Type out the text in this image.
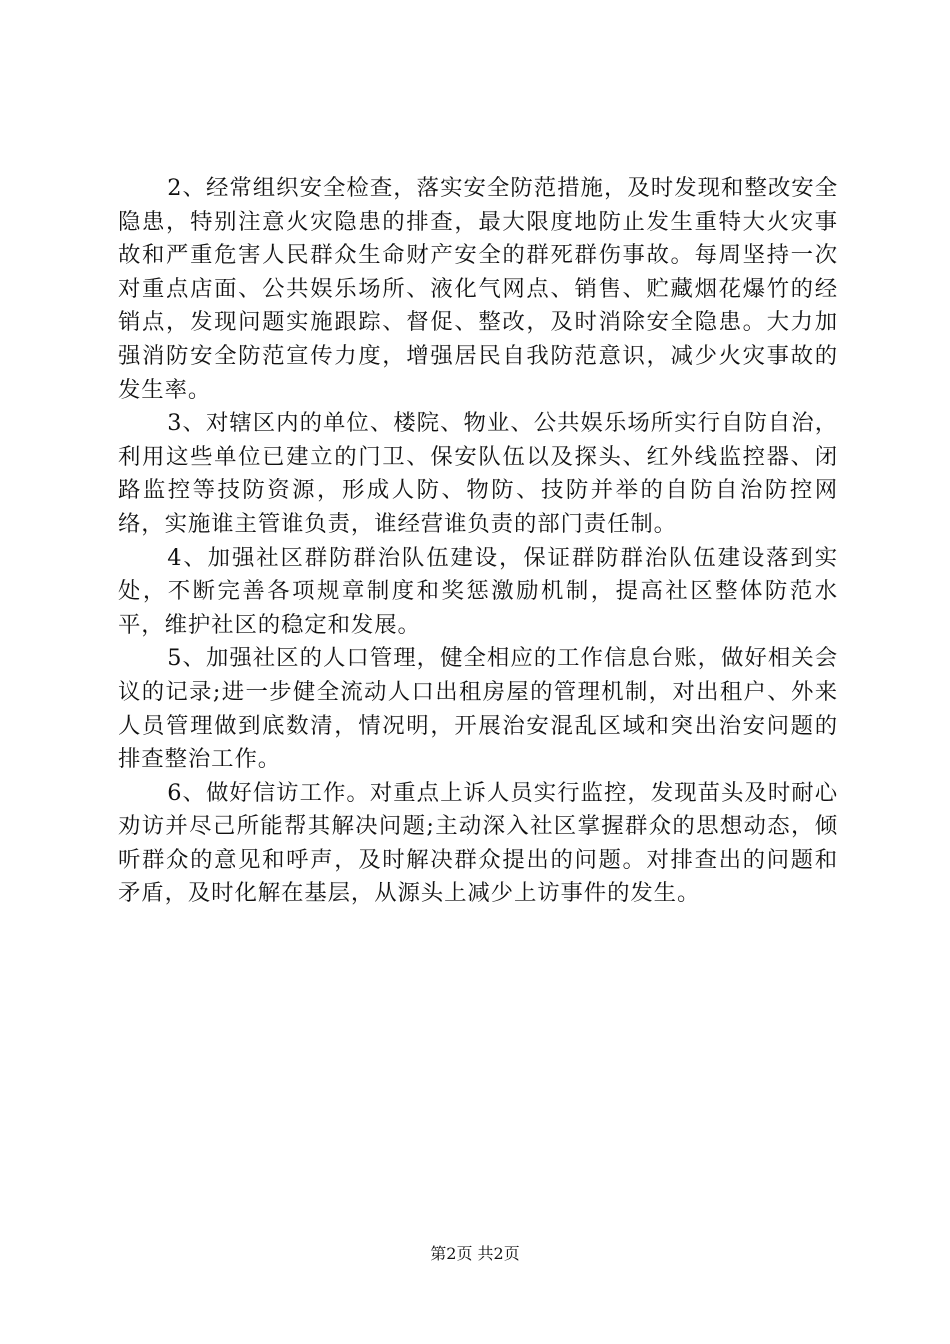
2、经常组织安全检查，落实安全防范措施，及时发现和整改安全隐患，特别注意火灾隐患的排查，最大限度地防止发生重特大火灾事故和严重危害人民群众生命财产安全的群死群伤事故。每周坚持一次对重点店面、公共娱乐场所、液化气网点、销售、贮藏烟花爆竹的经销点，发现问题实施跟踪、督促、整改，及时消除安全隐患。大力加强消防安全防范宣传力度，增强居民自我防范意识，减少火灾事故的发生率。

3、对辖区内的单位、楼院、物业、公共娱乐场所实行自防自治，利用这些单位已建立的门卫、保安队伍以及探头、红外线监控器、闭路监控等技防资源，形成人防、物防、技防并举的自防自治防控网络，实施谁主管谁负责，谁经营谁负责的部门责任制。

4、加强社区群防群治队伍建设，保证群防群治队伍建设落到实处，不断完善各项规章制度和奖惩激励机制，提高社区整体防范水平，维护社区的稳定和发展。

5、加强社区的人口管理，健全相应的工作信息台账，做好相关会议的记录;进一步健全流动人口出租房屋的管理机制，对出租户、外来人员管理做到底数清，情况明，开展治安混乱区域和突出治安问题的排查整治工作。

6、做好信访工作。对重点上诉人员实行监控，发现苗头及时耐心劝访并尽己所能帮其解决问题;主动深入社区掌握群众的思想动态，倾听群众的意见和呼声，及时解决群众提出的问题。对排查出的问题和矛盾，及时化解在基层，从源头上减少上访事件的发生。

第2页 共2页
